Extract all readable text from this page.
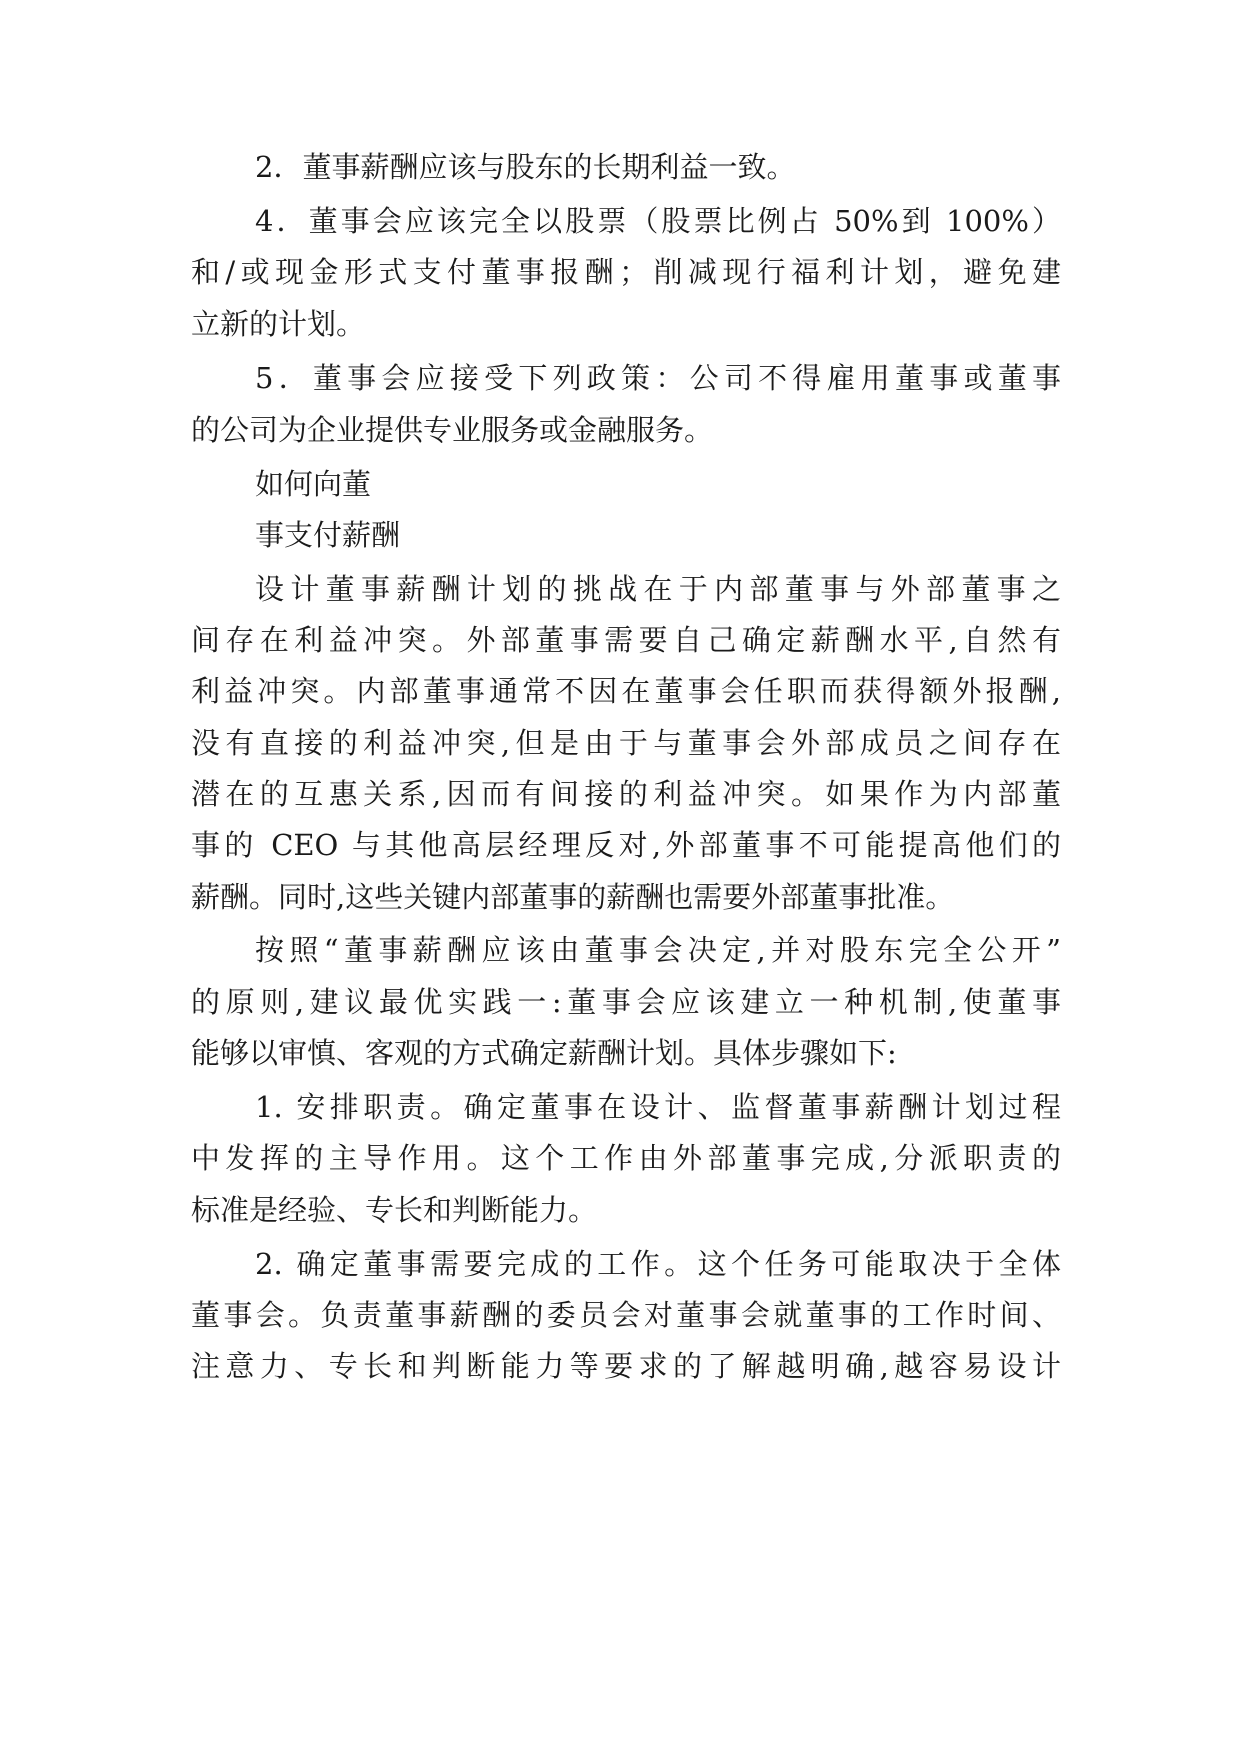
2．董事薪酬应该与股东的长期利益一致。

4．董事会应该完全以股票（股票比例占 50%到 100%）

和/或现金形式支付董事报酬；削减现行福利计划，避免建

立新的计划。

5．董事会应接受下列政策：公司不得雇用董事或董事

的公司为企业提供专业服务或金融服务。

如何向董

事支付薪酬

设计董事薪酬计划的挑战在于内部董事与外部董事之

间存在利益冲突。外部董事需要自己确定薪酬水平,自然有

利益冲突。内部董事通常不因在董事会任职而获得额外报酬,

没有直接的利益冲突,但是由于与董事会外部成员之间存在

潜在的互惠关系,因而有间接的利益冲突。如果作为内部董

事的 CEO 与其他高层经理反对,外部董事不可能提高他们的

薪酬。同时,这些关键内部董事的薪酬也需要外部董事批准。

按照“董事薪酬应该由董事会决定,并对股东完全公开”

的原则,建议最优实践一:董事会应该建立一种机制,使董事

能够以审慎、客观的方式确定薪酬计划。具体步骤如下:

1. 安排职责。确定董事在设计、监督董事薪酬计划过程

中发挥的主导作用。这个工作由外部董事完成,分派职责的

标准是经验、专长和判断能力。

2. 确定董事需要完成的工作。这个任务可能取决于全体

董事会。负责董事薪酬的委员会对董事会就董事的工作时间、

注意力、专长和判断能力等要求的了解越明确,越容易设计
